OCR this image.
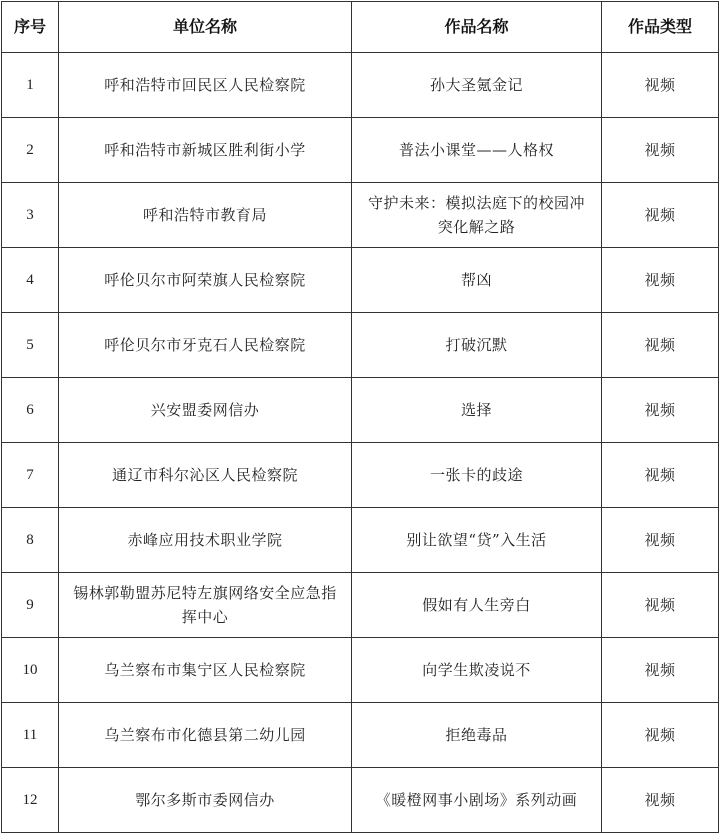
序号	单位名称	作品名称	作品类型
1	呼和浩特市回民区人民检察院	孙大圣氪金记	视频
2	呼和浩特市新城区胜利街小学	普法小课堂——人格权	视频
3	呼和浩特市教育局	守护未来：模拟法庭下的校园冲突化解之路	视频
4	呼伦贝尔市阿荣旗人民检察院	帮凶	视频
5	呼伦贝尔市牙克石人民检察院	打破沉默	视频
6	兴安盟委网信办	选择	视频
7	通辽市科尔沁区人民检察院	一张卡的歧途	视频
8	赤峰应用技术职业学院	别让欲望“贷”入生活	视频
9	锡林郭勒盟苏尼特左旗网络安全应急指挥中心	假如有人生旁白	视频
10	乌兰察布市集宁区人民检察院	向学生欺凌说不	视频
11	乌兰察布市化德县第二幼儿园	拒绝毒品	视频
12	鄂尔多斯市委网信办	《暖橙网事小剧场》系列动画	视频
